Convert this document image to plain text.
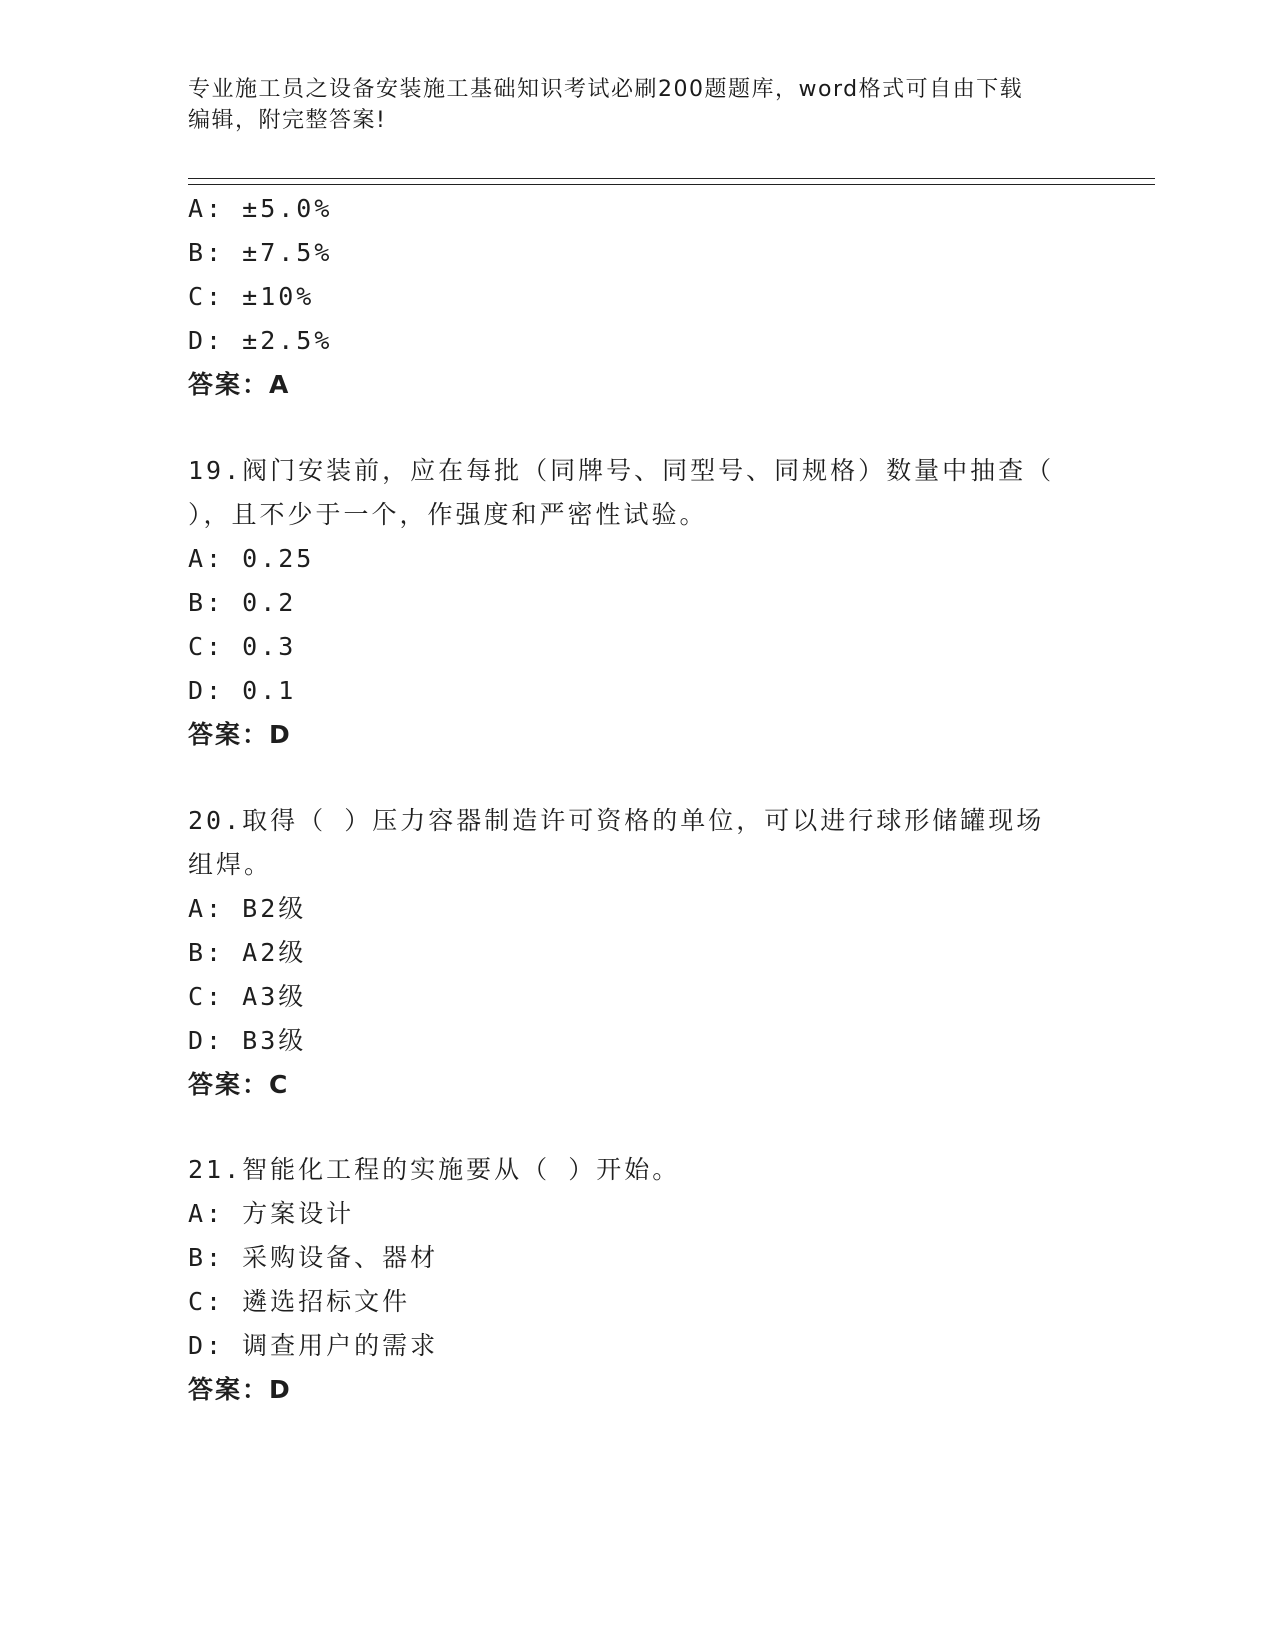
专业施工员之设备安装施工基础知识考试必刷200题题库，word格式可自由下载
编辑，附完整答案!
A: ±5.0%
B: ±7.5%
C: ±10%
D: ±2.5%
答案：A
19.阀门安装前，应在每批（同牌号、同型号、同规格）数量中抽查（
），且不少于一个，作强度和严密性试验。
A: 0.25
B: 0.2
C: 0.3
D: 0.1
答案：D
20.取得（ ）压力容器制造许可资格的单位，可以进行球形储罐现场
组焊。
A: B2级
B: A2级
C: A3级
D: B3级
答案：C
21.智能化工程的实施要从（ ）开始。
A: 方案设计
B: 采购设备、器材
C: 遴选招标文件
D: 调查用户的需求
答案：D
